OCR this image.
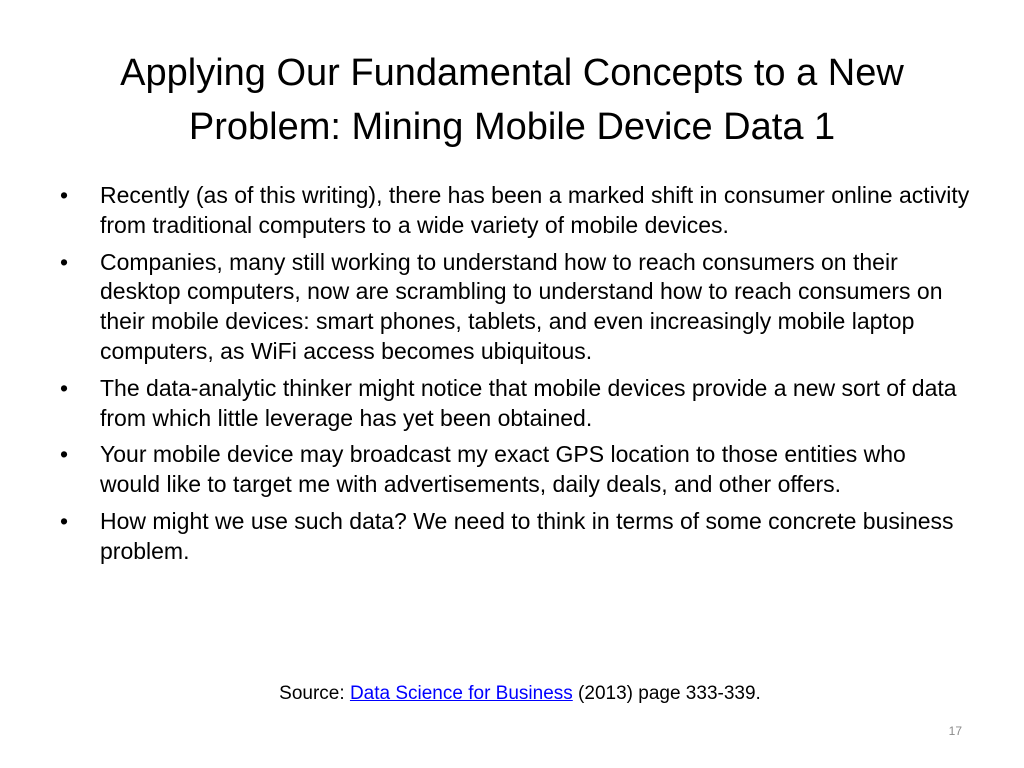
Applying Our Fundamental Concepts to a New
Problem: Mining Mobile Device Data 1
•	Recently (as of this writing), there has been a marked shift in consumer online activity from traditional computers to a wide variety of mobile devices.
•	Companies, many still working to understand how to reach consumers on their desktop computers, now are scrambling to understand how to reach consumers on their mobile devices: smart phones, tablets, and even increasingly mobile laptop computers, as WiFi access becomes ubiquitous.
•	The data-analytic thinker might notice that mobile devices provide a new sort of data from which little leverage has yet been obtained.
•	Your mobile device may broadcast my exact GPS location to those entities who would like to target me with advertisements, daily deals, and other offers.
•	How might we use such data? We need to think in terms of some concrete business problem.
Source: Data Science for Business (2013) page 333-339.
17
